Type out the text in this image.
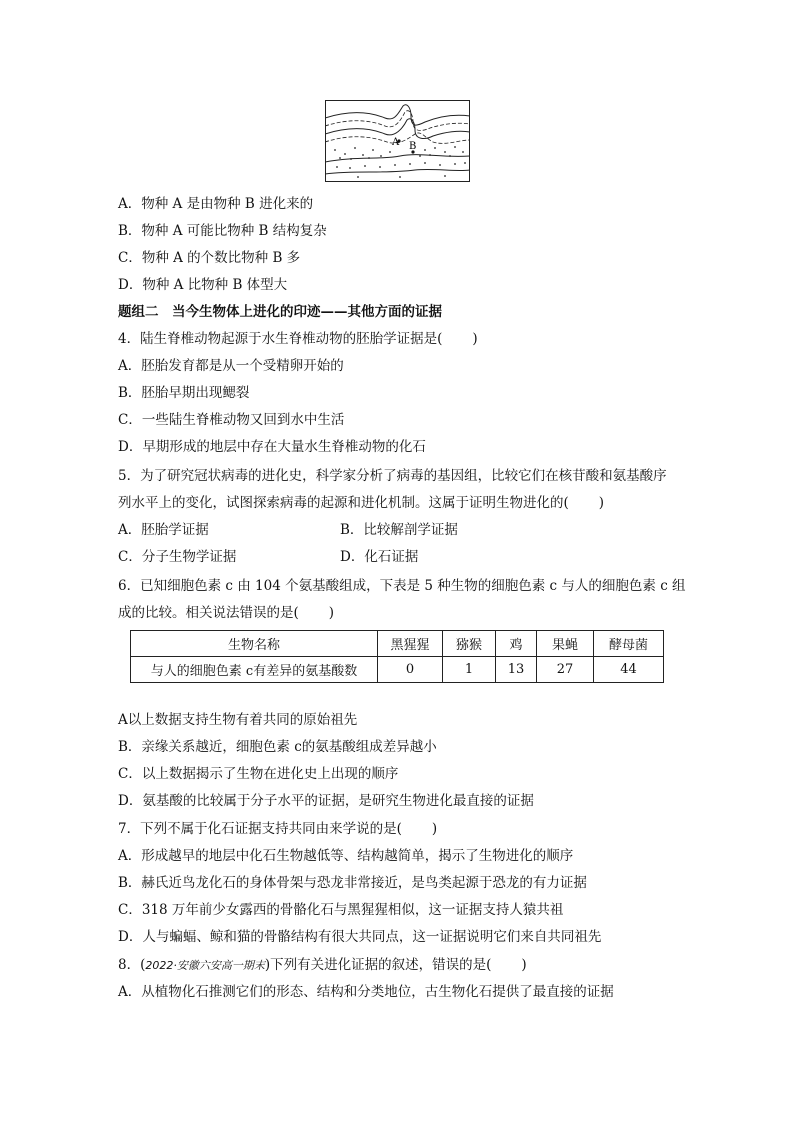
A B
A．物种 A 是由物种 B 进化来的
B．物种 A 可能比物种 B 结构复杂
C．物种 A 的个数比物种 B 多
D．物种 A 比物种 B 体型大
题组二　当今生物体上进化的印迹——其他方面的证据
4．陆生脊椎动物起源于水生脊椎动物的胚胎学证据是( )
A．胚胎发育都是从一个受精卵开始的
B．胚胎早期出现鳃裂
C．一些陆生脊椎动物又回到水中生活
D．早期形成的地层中存在大量水生脊椎动物的化石
5．为了研究冠状病毒的进化史，科学家分析了病毒的基因组，比较它们在核苷酸和氨基酸序
列水平上的变化，试图探索病毒的起源和进化机制。这属于证明生物进化的( )
A．胚胎学证据	B．比较解剖学证据
C．分子生物学证据	D．化石证据
6．已知细胞色素 c 由 104 个氨基酸组成，下表是 5 种生物的细胞色素 c 与人的细胞色素 c 组
成的比较。相关说法错误的是( )
生物名称	黑猩猩	猕猴	鸡	果蝇	酵母菌
与人的细胞色素 c有差异的氨基酸数	0	1	13	27	44
A以上数据支持生物有着共同的原始祖先
B．亲缘关系越近，细胞色素 c的氨基酸组成差异越小
C．以上数据揭示了生物在进化史上出现的顺序
D．氨基酸的比较属于分子水平的证据，是研究生物进化最直接的证据
7．下列不属于化石证据支持共同由来学说的是( )
A．形成越早的地层中化石生物越低等、结构越简单，揭示了生物进化的顺序
B．赫氏近鸟龙化石的身体骨架与恐龙非常接近，是鸟类起源于恐龙的有力证据
C．318 万年前少女露西的骨骼化石与黑猩猩相似，这一证据支持人猿共祖
D．人与蝙蝠、鲸和猫的骨骼结构有很大共同点，这一证据说明它们来自共同祖先
8．(2022·安徽六安高一期末)下列有关进化证据的叙述，错误的是( )
A．从植物化石推测它们的形态、结构和分类地位，古生物化石提供了最直接的证据
